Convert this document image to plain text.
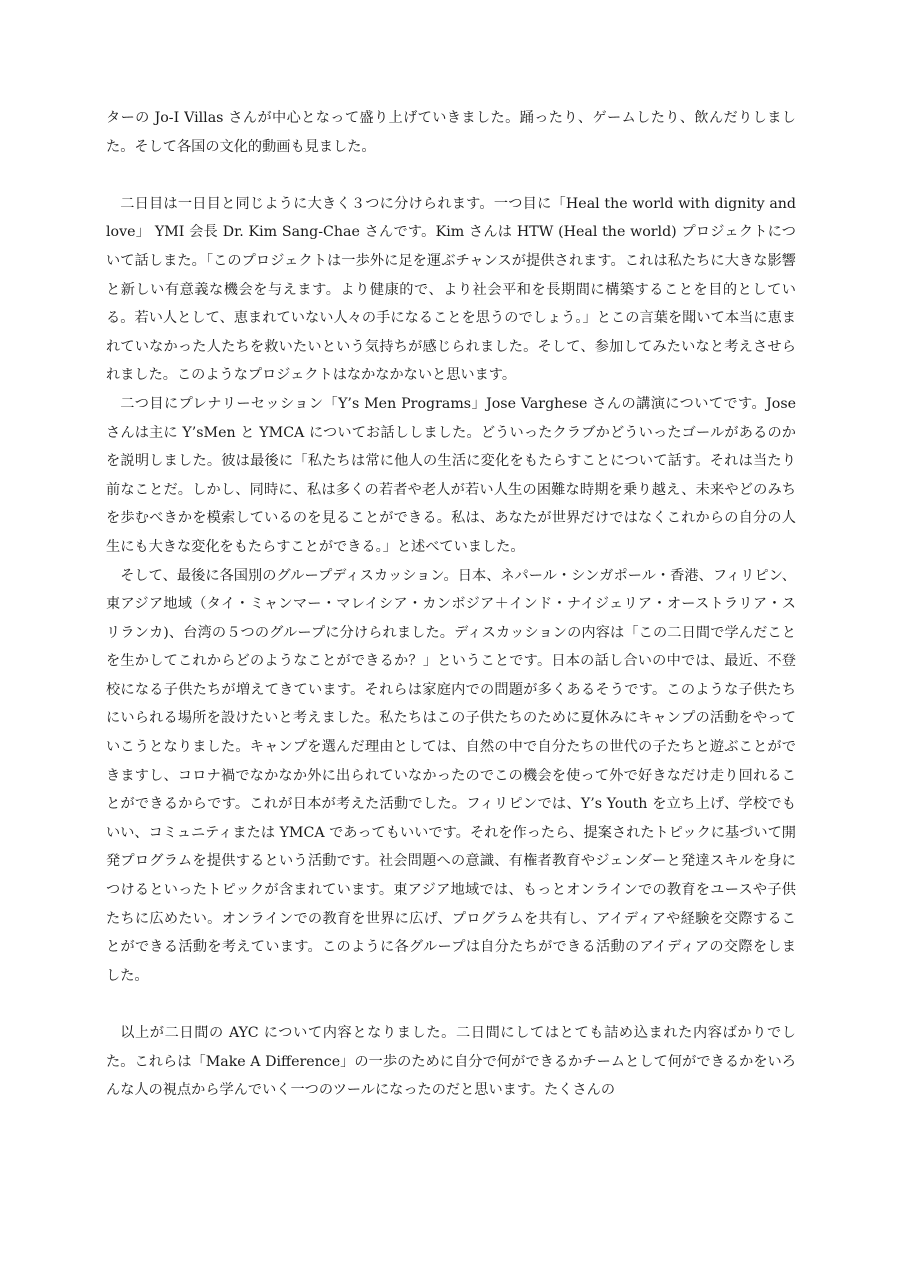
ターの Jo-I Villas さんが中心となって盛り上げていきました。踊ったり、ゲームしたり、飲んだりしました。そして各国の文化的動画も見ました。

二日目は一日目と同じように大きく３つに分けられます。一つ目に「Heal the world with dignity and love」 YMI 会長 Dr. Kim Sang-Chae さんです。Kim さんは HTW (Heal the world) プロジェクトについて話しまた。「このプロジェクトは一歩外に足を運ぶチャンスが提供されます。これは私たちに大きな影響と新しい有意義な機会を与えます。より健康的で、より社会平和を長期間に構築することを目的としている。若い人として、恵まれていない人々の手になることを思うのでしょう。」とこの言葉を聞いて本当に恵まれていなかった人たちを救いたいという気持ちが感じられました。そして、参加してみたいなと考えさせられました。このようなプロジェクトはなかなかないと思います。

二つ目にプレナリーセッション「Y’s Men Programs」Jose Varghese さんの講演についてです。Jose さんは主に Y’sMen と YMCA についてお話ししました。どういったクラブかどういったゴールがあるのかを説明しました。彼は最後に「私たちは常に他人の生活に変化をもたらすことについて話す。それは当たり前なことだ。しかし、同時に、私は多くの若者や老人が若い人生の困難な時期を乗り越え、未来やどのみちを歩むべきかを模索しているのを見ることができる。私は、あなたが世界だけではなくこれからの自分の人生にも大きな変化をもたらすことができる。」と述べていました。

そして、最後に各国別のグループディスカッション。日本、ネパール・シンガポール・香港、フィリピン、東アジア地域（タイ・ミャンマー・マレイシア・カンボジア＋インド・ナイジェリア・オーストラリア・スリランカ)、台湾の５つのグループに分けられました。ディスカッションの内容は「この二日間で学んだことを生かしてこれからどのようなことができるか？」ということです。日本の話し合いの中では、最近、不登校になる子供たちが増えてきています。それらは家庭内での問題が多くあるそうです。このような子供たちにいられる場所を設けたいと考えました。私たちはこの子供たちのために夏休みにキャンプの活動をやっていこうとなりました。キャンプを選んだ理由としては、自然の中で自分たちの世代の子たちと遊ぶことができますし、コロナ禍でなかなか外に出られていなかったのでこの機会を使って外で好きなだけ走り回れることができるからです。これが日本が考えた活動でした。フィリピンでは、Y’s Youth を立ち上げ、学校でもいい、コミュニティまたは YMCA であってもいいです。それを作ったら、提案されたトピックに基づいて開発プログラムを提供するという活動です。社会問題への意識、有権者教育やジェンダーと発達スキルを身につけるといったトピックが含まれています。東アジア地域では、もっとオンラインでの教育をユースや子供たちに広めたい。オンラインでの教育を世界に広げ、プログラムを共有し、アイディアや経験を交際することができる活動を考えています。このように各グループは自分たちができる活動のアイディアの交際をしました。

以上が二日間の AYC について内容となりました。二日間にしてはとても詰め込まれた内容ばかりでした。これらは「Make A Difference」の一歩のために自分で何ができるかチームとして何ができるかをいろんな人の視点から学んでいく一つのツールになったのだと思います。たくさんの
